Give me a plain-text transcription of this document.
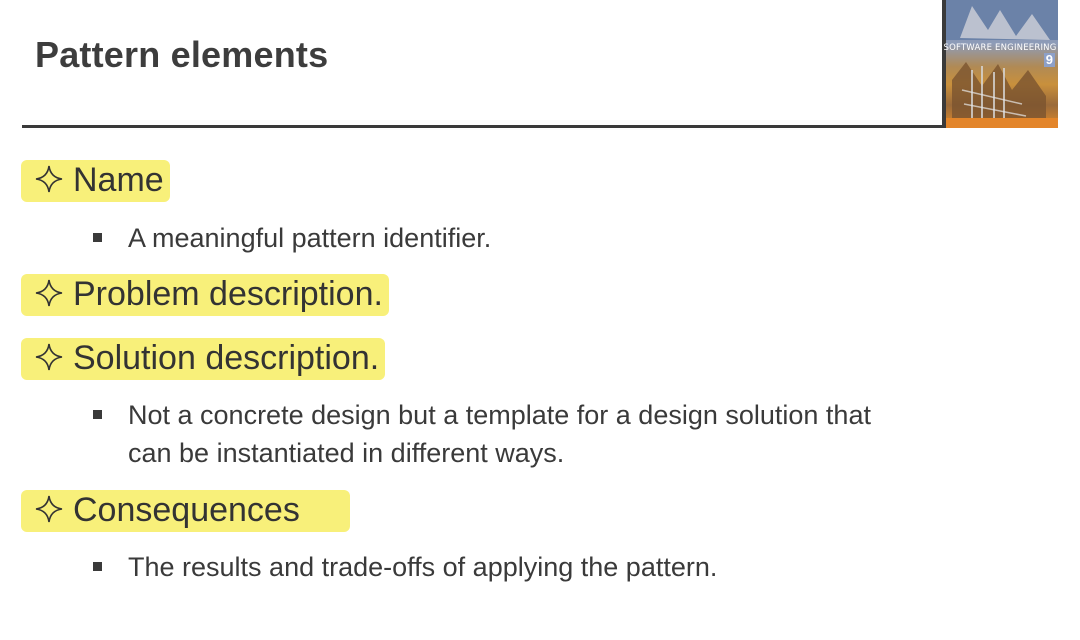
Pattern elements	SOFTWARE ENGINEERING
9
Name
A meaningful pattern identifier.
Problem description.
Solution description.
Not a concrete design but a template for a design solution that
can be instantiated in different ways.
Consequences
The results and trade-offs of applying the pattern.
